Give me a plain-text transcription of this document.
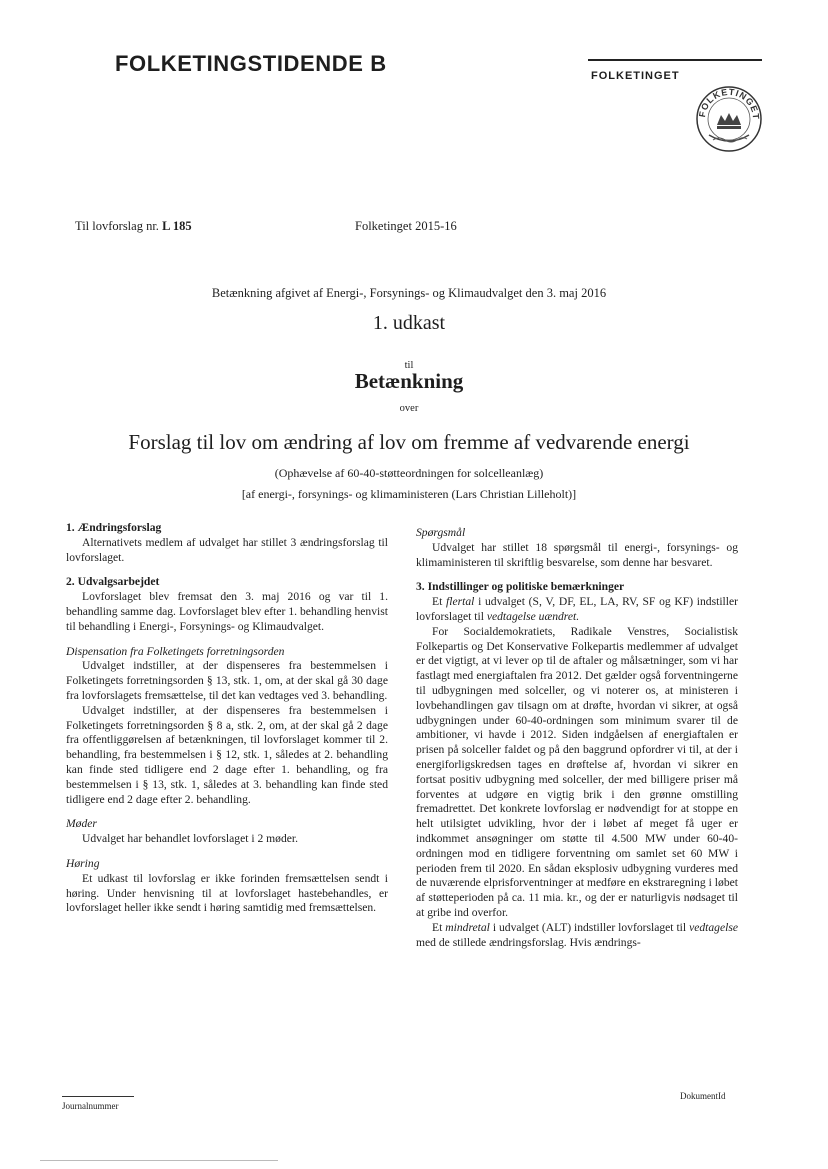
FOLKETINGSTIDENDE B	FOLKETINGET
FOLKETINGET
Til lovforslag nr. L 185	Folketinget 2015-16
Betænkning afgivet af Energi-, Forsynings- og Klimaudvalget den 3. maj 2016
1. udkast
til
Betænkning
over
Forslag til lov om ændring af lov om fremme af vedvarende energi
(Ophævelse af 60-40-støtteordningen for solcelleanlæg)
[af energi-, forsynings- og klimaministeren (Lars Christian Lilleholt)]
1. Ændringsforslag

Alternativets medlem af udvalget har stillet 3 ændringsforslag til lovforslaget.

2. Udvalgsarbejdet

Lovforslaget blev fremsat den 3. maj 2016 og var til 1. behandling samme dag. Lovforslaget blev efter 1. behandling henvist til behandling i Energi-, Forsynings- og Klimaudvalget.

Dispensation fra Folketingets forretningsorden

Udvalget indstiller, at der dispenseres fra bestemmelsen i Folketingets forretningsorden § 13, stk. 1, om, at der skal gå 30 dage fra lovforslagets fremsættelse, til det kan vedtages ved 3. behandling.

Udvalget indstiller, at der dispenseres fra bestemmelsen i Folketingets forretningsorden § 8 a, stk. 2, om, at der skal gå 2 dage fra offentliggørelsen af betænkningen, til lovforslaget kommer til 2. behandling, fra bestemmelsen i § 12, stk. 1, således at 2. behandling kan finde sted tidligere end 2 dage efter 1. behandling, og fra bestemmelsen i § 13, stk. 1, således at 3. behandling kan finde sted tidligere end 2 dage efter 2. behandling.

Møder

Udvalget har behandlet lovforslaget i 2 møder.

Høring

Et udkast til lovforslag er ikke forinden fremsættelsen sendt i høring. Under henvisning til at lovforslaget hastebehandles, er lovforslaget heller ikke sendt i høring samtidig med fremsættelsen.

Spørgsmål

Udvalget har stillet 18 spørgsmål til energi-, forsynings- og klimaministeren til skriftlig besvarelse, som denne har besvaret.

3. Indstillinger og politiske bemærkninger

Et flertal i udvalget (S, V, DF, EL, LA, RV, SF og KF) indstiller lovforslaget til vedtagelse uændret.

For Socialdemokratiets, Radikale Venstres, Socialistisk Folkepartis og Det Konservative Folkepartis medlemmer af udvalget er det vigtigt, at vi lever op til de aftaler og målsætninger, som vi har fastlagt med energiaftalen fra 2012. Det gælder også forventningerne til udbygningen med solceller, og vi noterer os, at ministeren i lovbehandlingen gav tilsagn om at drøfte, hvordan vi sikrer, at også udbygningen under 60-40-ordningen som minimum svarer til de ambitioner, vi havde i 2012. Siden indgåelsen af energiaftalen er prisen på solceller faldet og på den baggrund opfordrer vi til, at der i energiforligskredsen tages en drøftelse af, hvordan vi sikrer en fortsat positiv udbygning med solceller, der med billigere priser må forventes at udgøre en vigtig brik i den grønne omstilling fremadrettet. Det konkrete lovforslag er nødvendigt for at stoppe en helt utilsigtet udvikling, hvor der i løbet af meget få uger er indkommet ansøgninger om støtte til 4.500 MW under 60-40-ordningen mod en tidligere forventning om samlet set 60 MW i perioden frem til 2020. En sådan eksplosiv udbygning vurderes med de nuværende elprisforventninger at medføre en ekstraregning i løbet af støtteperioden på ca. 11 mia. kr., og der er naturligvis nødsaget til at gribe ind overfor.

Et mindretal i udvalget (ALT) indstiller lovforslaget til vedtagelse med de stillede ændringsforslag. Hvis ændrings-

Journalnummer
DokumentId
